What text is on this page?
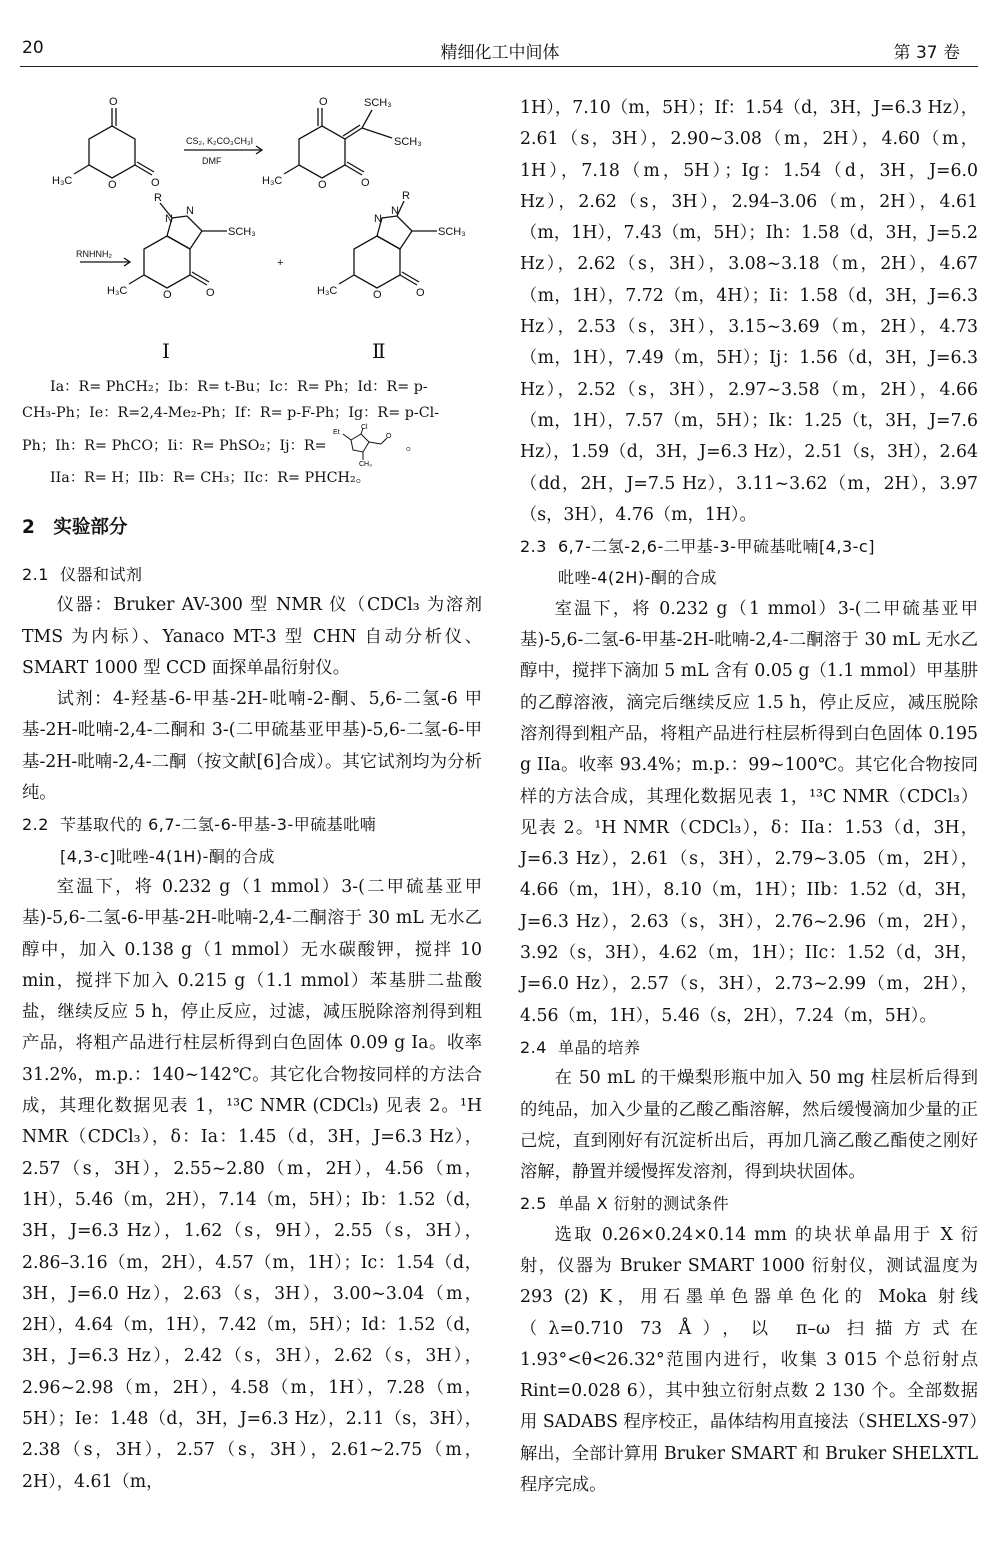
20	精细化工中间体	第 37 卷
O
O
O
H₃C
CS₂, K₂CO₃
DMF
CH₃I
O	SCH₃
SCH₃
O
O
H₃C
RNHNH₂
R
N
N
SCH₃
O
O
H₃C
+
R
N
N
SCH₃
O
O
H₃C
Ⅰ	Ⅱ
Ia：R= PhCH₂；Ib：R= t-Bu；Ic：R= Ph；Id：R= p-
CH₃-Ph；Ie：R=2,4-Me₂-Ph；If：R= p-F-Ph；Ig：R= p-Cl-
Ph；Ih：R= PhCO；Ii：R= PhSO₂；Ij：R=
Et
Cl
CH₃
O
。
IIa：R= H；IIb：R= CH₃；IIc：R= PHCH₂。
2　实验部分
2.1 仪器和试剂

仪器：Bruker AV-300 型 NMR 仪（CDCl₃ 为溶剂 TMS 为内标）、Yanaco MT-3 型 CHN 自动分析仪、SMART 1000 型 CCD 面探单晶衍射仪。

试剂：4-羟基-6-甲基-2H-吡喃-2-酮、5,6-二氢-6 甲基-2H-吡喃-2,4-二酮和 3-(二甲硫基亚甲基)-5,6-二氢-6-甲基-2H-吡喃-2,4-二酮（按文献[6]合成）。其它试剂均为分析纯。

2.2 苄基取代的 6,7-二氢-6-甲基-3-甲硫基吡喃
[4,3-c]吡唑-4(1H)-酮的合成

室温下，将 0.232 g（1 mmol）3-(二甲硫基亚甲基)-5,6-二氢-6-甲基-2H-吡喃-2,4-二酮溶于 30 mL 无水乙醇中，加入 0.138 g（1 mmol）无水碳酸钾，搅拌 10 min，搅拌下加入 0.215 g（1.1 mmol）苯基肼二盐酸盐，继续反应 5 h，停止反应，过滤，减压脱除溶剂得到粗产品，将粗产品进行柱层析得到白色固体 0.09 g Ia。收率 31.2%，m.p.：140~142℃。其它化合物按同样的方法合成，其理化数据见表 1，¹³C NMR (CDCl₃) 见表 2。¹H NMR（CDCl₃），δ：Ia：1.45（d，3H，J=6.3 Hz），2.57（s，3H），2.55~2.80（m，2H），4.56（m，1H），5.46（m，2H），7.14（m，5H）；Ib：1.52（d，3H，J=6.3 Hz），1.62（s，9H），2.55（s，3H），2.86–3.16（m，2H），4.57（m，1H）；Ic：1.54（d，3H，J=6.0 Hz），2.63（s，3H），3.00~3.04（m，2H），4.64（m，1H），7.42（m，5H）；Id：1.52（d，3H，J=6.3 Hz），2.42（s，3H），2.62（s，3H），2.96~2.98（m，2H），4.58（m，1H），7.28（m，5H）；Ie：1.48（d，3H，J=6.3 Hz），2.11（s，3H），2.38（s，3H），2.57（s，3H），2.61~2.75（m，2H），4.61（m，

1H），7.10（m，5H）；If：1.54（d，3H，J=6.3 Hz），2.61（s，3H），2.90~3.08（m，2H），4.60（m，1H），7.18（m，5H）；Ig：1.54（d，3H，J=6.0 Hz），2.62（s，3H），2.94–3.06（m，2H），4.61（m，1H），7.43（m，5H）；Ih：1.58（d，3H，J=5.2 Hz），2.62（s，3H），3.08~3.18（m，2H），4.67（m，1H），7.72（m，4H）；Ii：1.58（d，3H，J=6.3 Hz），2.53（s，3H），3.15~3.69（m，2H），4.73（m，1H），7.49（m，5H）；Ij：1.56（d，3H，J=6.3 Hz），2.52（s，3H），2.97~3.58（m，2H），4.66（m，1H），7.57（m，5H）；Ik：1.25（t，3H，J=7.6 Hz），1.59（d，3H，J=6.3 Hz），2.51（s，3H），2.64（dd，2H，J=7.5 Hz），3.11~3.62（m，2H），3.97（s，3H），4.76（m，1H）。

2.3 6,7-二氢-2,6-二甲基-3-甲硫基吡喃[4,3-c]
吡唑-4(2H)-酮的合成

室温下，将 0.232 g（1 mmol）3-(二甲硫基亚甲基)-5,6-二氢-6-甲基-2H-吡喃-2,4-二酮溶于 30 mL 无水乙醇中，搅拌下滴加 5 mL 含有 0.05 g（1.1 mmol）甲基肼的乙醇溶液，滴完后继续反应 1.5 h，停止反应，减压脱除溶剂得到粗产品，将粗产品进行柱层析得到白色固体 0.195 g IIa。收率 93.4%；m.p.：99~100℃。其它化合物按同样的方法合成，其理化数据见表 1，¹³C NMR（CDCl₃）见表 2。¹H NMR（CDCl₃），δ：IIa：1.53（d，3H，J=6.3 Hz），2.61（s，3H），2.79~3.05（m，2H），4.66（m，1H），8.10（m，1H）；IIb：1.52（d，3H，J=6.3 Hz），2.63（s，3H），2.76~2.96（m，2H），3.92（s，3H），4.62（m，1H）；IIc：1.52（d，3H，J=6.0 Hz），2.57（s，3H），2.73~2.99（m，2H），4.56（m，1H），5.46（s，2H），7.24（m，5H）。

2.4 单晶的培养

在 50 mL 的干燥梨形瓶中加入 50 mg 柱层析后得到的纯品，加入少量的乙酸乙酯溶解，然后缓慢滴加少量的正己烷，直到刚好有沉淀析出后，再加几滴乙酸乙酯使之刚好溶解，静置并缓慢挥发溶剂，得到块状固体。

2.5 单晶 X 衍射的测试条件

选取 0.26×0.24×0.14 mm 的块状单晶用于 X 衍射，仪器为 Bruker SMART 1000 衍射仪，测试温度为 293 (2) K，用石墨单色器单色化的 Moka 射线（λ=0.710 73 Å），以 π–ω 扫描方式在 1.93°<θ<26.32°范围内进行，收集 3 015 个总衍射点 Rint=0.028 6），其中独立衍射点数 2 130 个。全部数据用 SADABS 程序校正，晶体结构用直接法（SHELXS-97）解出，全部计算用 Bruker SMART 和 Bruker SHELXTL 程序完成。
